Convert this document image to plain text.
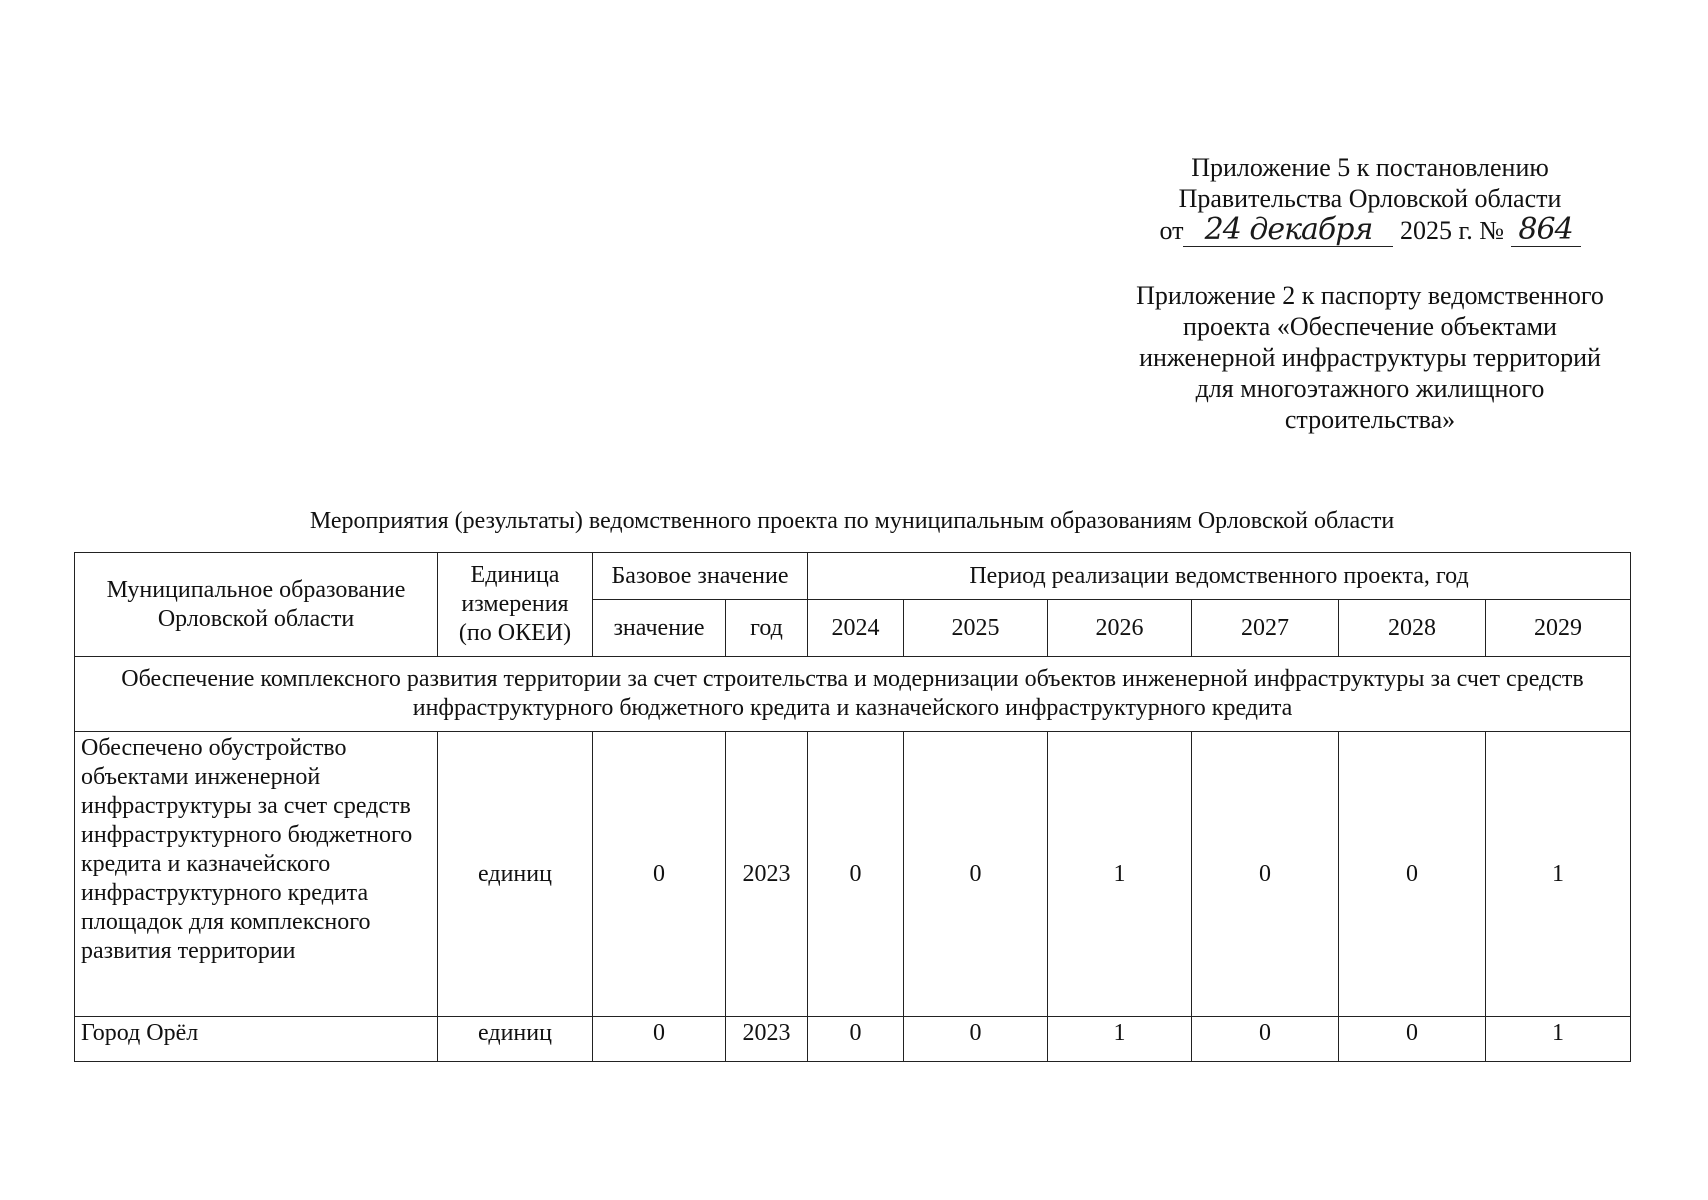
Приложение 5 к постановлению
Правительства Орловской области
от 24 декабря 2025 г. № 864
Приложение 2 к паспорту ведомственного
проекта «Обеспечение объектами
инженерной инфраструктуры территорий
для многоэтажного жилищного
строительства»
Мероприятия (результаты) ведомственного проекта по муниципальным образованиям Орловской области
Муниципальное образование Орловской области	Единица измерения (по ОКЕИ)	Базовое значение		Период реализации ведомственного проекта, год					
		значение	год	2024	2025	2026	2027	2028	2029
Обеспечение комплексного развития территории за счет строительства и модернизации объектов инженерной инфраструктуры за счет средств инфраструктурного бюджетного кредита и казначейского инфраструктурного кредита									
Обеспечено обустройство объектами инженерной инфраструктуры за счет средств инфраструктурного бюджетного кредита и казначейского инфраструктурного кредита площадок для комплексного развития территории	единиц	0	2023	0	0	1	0	0	1
Город Орёл	единиц	0	2023	0	0	1	0	0	1
